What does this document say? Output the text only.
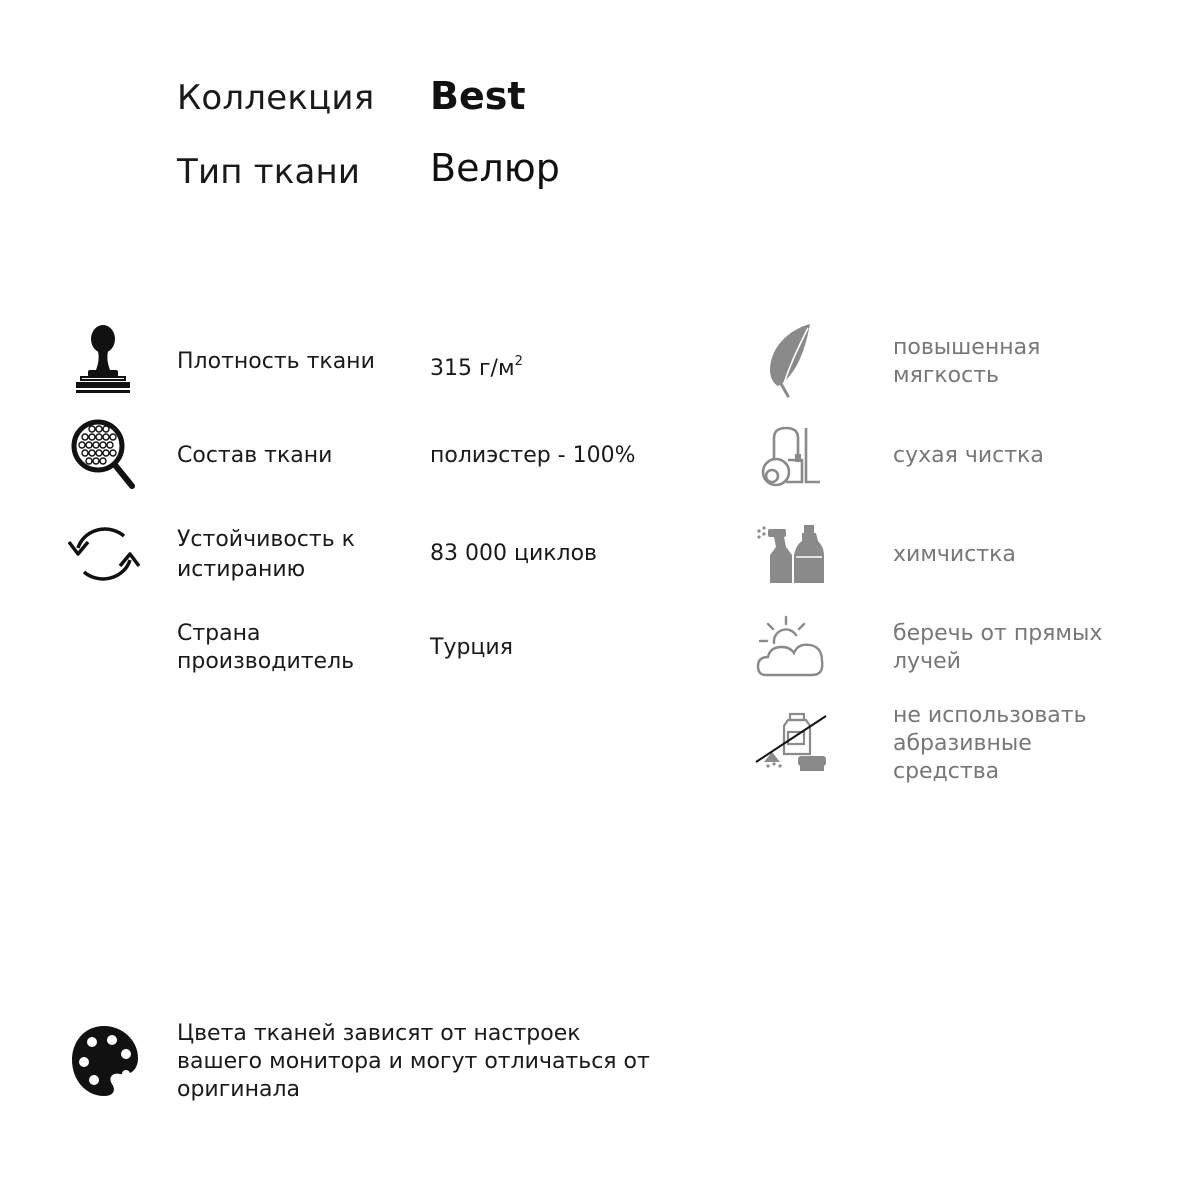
Коллекция Best
Тип ткани Велюр
Плотность ткани	315 $г/м^2$
Состав ткани	полиэстер - 100%
Устойчивость к истиранию
83 000 циклов
Страна производитель
Турция
повышенная мягкость
сухая чистка
химчистка
беречь от прямых лучей
не использовать абразивные средства
Цвета тканей зависят от настроек вашего монитора и могут отличаться от оригинала
